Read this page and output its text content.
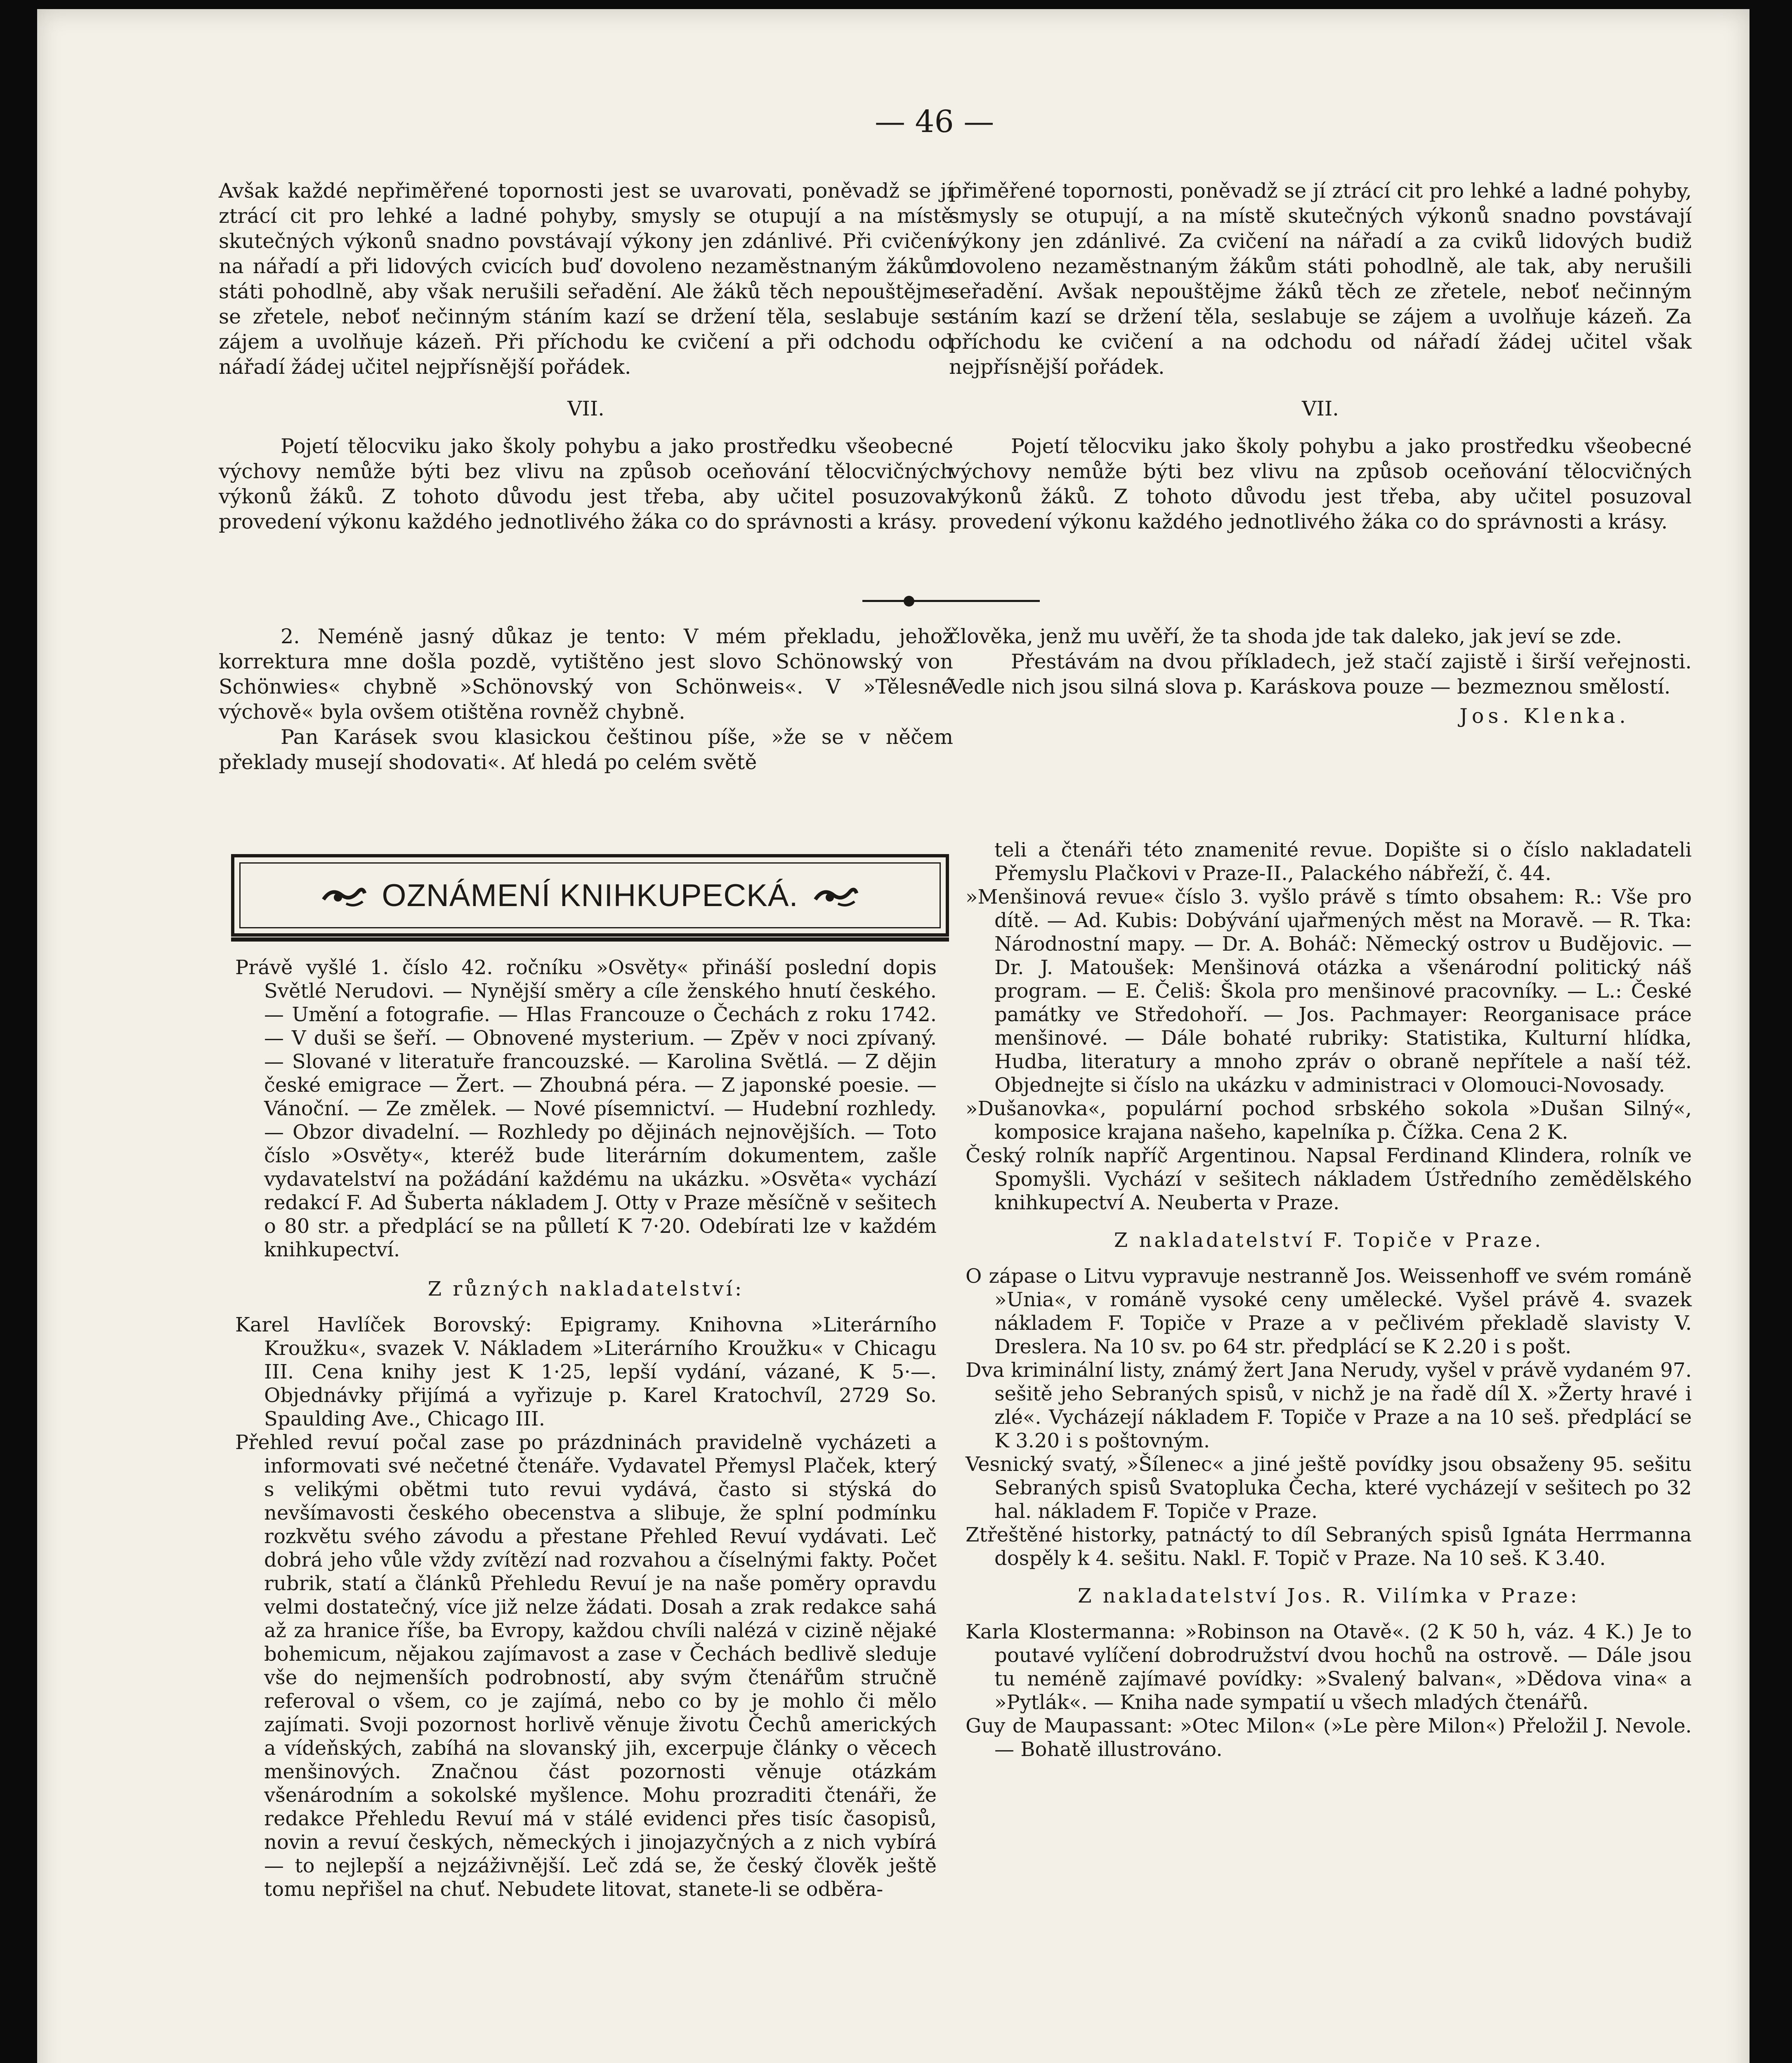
— 46 —

Avšak každé nepřiměřené topornosti jest se uvarovati, poněvadž se jí ztrácí cit pro lehké a ladné pohyby, smysly se otupují a na místě skutečných výkonů snadno povstávají výkony jen zdánlivé. Při cvičení na nářadí a při lidových cvicích buď dovoleno nezaměstnaným žákům státi pohodlně, aby však nerušili seřadění. Ale žáků těch nepouštějme se zřetele, neboť nečinným stáním kazí se držení těla, seslabuje se zájem a uvolňuje kázeň. Při příchodu ke cvičení a při odchodu od nářadí žádej učitel nejpřísnější pořádek.

VII.

Pojetí tělocviku jako školy pohybu a jako prostředku všeobecné výchovy nemůže býti bez vlivu na způsob oceňování tělocvičných výkonů žáků. Z tohoto důvodu jest třeba, aby učitel posuzoval provedení výkonu každého jednotlivého žáka co do správnosti a krásy.

přiměřené topornosti, poněvadž se jí ztrácí cit pro lehké a ladné pohyby, smysly se otupují, a na místě skutečných výkonů snadno povstávají výkony jen zdánlivé. Za cvičení na nářadí a za cviků lidových budiž dovoleno nezaměstnaným žákům státi pohodlně, ale tak, aby nerušili seřadění. Avšak nepouštějme žáků těch ze zřetele, neboť nečinným stáním kazí se držení těla, seslabuje se zájem a uvolňuje kázeň. Za příchodu ke cvičení a na odchodu od nářadí žádej učitel však nejpřísnější pořádek.

VII.

Pojetí tělocviku jako školy pohybu a jako prostředku všeobecné výchovy nemůže býti bez vlivu na způsob oceňování tělocvičných výkonů žáků. Z tohoto důvodu jest třeba, aby učitel posuzoval provedení výkonu každého jednotlivého žáka co do správnosti a krásy.

2. Neméně jasný důkaz je tento: V mém překladu, jehož korrektura mne došla pozdě, vytištěno jest slovo Schönowský von Schönwies« chybně »Schönovský von Schönweis«. V »Tělesné výchově« byla ovšem otištěna rovněž chybně.

Pan Karásek svou klasickou češtinou píše, »že se v něčem překlady musejí shodovati«. Ať hledá po celém světě

člověka, jenž mu uvěří, že ta shoda jde tak daleko, jak jeví se zde.

Přestávám na dvou příkladech, jež stačí zajistě i širší veřejnosti. Vedle nich jsou silná slova p. Karáskova pouze — bezmeznou smělostí.

Jos. Klenka.

OZNÁMENÍ KNIHKUPECKÁ.

Právě vyšlé 1. číslo 42. ročníku »Osvěty« přináší poslední dopis Světlé Nerudovi. — Nynější směry a cíle ženského hnutí českého. — Umění a fotografie. — Hlas Francouze o Čechách z roku 1742. — V duši se šeří. — Obnovené mysterium. — Zpěv v noci zpívaný. — Slované v literatuře francouzské. — Karolina Světlá. — Z dějin české emigrace — Žert. — Zhoubná péra. — Z japonské poesie. — Vánoční. — Ze změlek. — Nové písemnictví. — Hudební rozhledy. — Obzor divadelní. — Rozhledy po dějinách nejnovějších. — Toto číslo »Osvěty«, kteréž bude literárním dokumentem, zašle vydavatelství na požádání každému na ukázku. »Osvěta« vychází redakcí F. Ad Šuberta nákladem J. Otty v Praze měsíčně v sešitech o 80 str. a předplácí se na půlletí K 7·20. Odebírati lze v každém knihkupectví.

Z různých nakladatelství:

Karel Havlíček Borovský: Epigramy. Knihovna »Literárního Kroužku«, svazek V. Nákladem »Literárního Kroužku« v Chicagu III. Cena knihy jest K 1·25, lepší vydání, vázané, K 5·—. Objednávky přijímá a vyřizuje p. Karel Kratochvíl, 2729 So. Spaulding Ave., Chicago III.

Přehled revuí počal zase po prázdninách pravidelně vycházeti a informovati své nečetné čtenáře. Vydavatel Přemysl Plaček, který s velikými obětmi tuto revui vydává, často si stýská do nevšímavosti českého obecenstva a slibuje, že splní podmínku rozkvětu svého závodu a přestane Přehled Revuí vydávati. Leč dobrá jeho vůle vždy zvítězí nad rozvahou a číselnými fakty. Počet rubrik, statí a článků Přehledu Revuí je na naše poměry opravdu velmi dostatečný, více již nelze žádati. Dosah a zrak redakce sahá až za hranice říše, ba Evropy, každou chvíli nalézá v cizině nějaké bohemicum, nějakou zajímavost a zase v Čechách bedlivě sleduje vše do nejmenších podrobností, aby svým čtenářům stručně referoval o všem, co je zajímá, nebo co by je mohlo či mělo zajímati. Svoji pozornost horlivě věnuje životu Čechů amerických a vídeňských, zabíhá na slovanský jih, excerpuje články o věcech menšinových. Značnou část pozornosti věnuje otázkám všenárodním a sokolské myšlence. Mohu prozraditi čtenáři, že redakce Přehledu Revuí má v stálé evidenci přes tisíc časopisů, novin a revuí českých, německých i jinojazyčných a z nich vybírá — to nejlepší a nejzáživnější. Leč zdá se, že český člověk ještě tomu nepřišel na chuť. Nebudete litovat, stanete-li se odběra-

teli a čtenáři této znamenité revue. Dopište si o číslo nakladateli Přemyslu Plačkovi v Praze-II., Palackého nábřeží, č. 44.

»Menšinová revue« číslo 3. vyšlo právě s tímto obsahem: R.: Vše pro dítě. — Ad. Kubis: Dobývání ujařmených měst na Moravě. — R. Tka: Národnostní mapy. — Dr. A. Boháč: Německý ostrov u Budějovic. — Dr. J. Matoušek: Menšinová otázka a všenárodní politický náš program. — E. Čeliš: Škola pro menšinové pracovníky. — L.: České památky ve Středohoří. — Jos. Pachmayer: Reorganisace práce menšinové. — Dále bohaté rubriky: Statistika, Kulturní hlídka, Hudba, literatury a mnoho zpráv o obraně nepřítele a naší též. Objednejte si číslo na ukázku v administraci v Olomouci-Novosady.

»Dušanovka«, populární pochod srbského sokola »Dušan Silný«, komposice krajana našeho, kapelníka p. Čížka. Cena 2 K.

Český rolník napříč Argentinou. Napsal Ferdinand Klindera, rolník ve Spomyšli. Vychází v sešitech nákladem Ústředního zemědělského knihkupectví A. Neuberta v Praze.

Z nakladatelství F. Topiče v Praze.

O zápase o Litvu vypravuje nestranně Jos. Weissenhoff ve svém románě »Unia«, v románě vysoké ceny umělecké. Vyšel právě 4. svazek nákladem F. Topiče v Praze a v pečlivém překladě slavisty V. Dreslera. Na 10 sv. po 64 str. předplácí se K 2.20 i s pošt.

Dva kriminální listy, známý žert Jana Nerudy, vyšel v právě vydaném 97. sešitě jeho Sebraných spisů, v nichž je na řadě díl X. »Žerty hravé i zlé«. Vycházejí nákladem F. Topiče v Praze a na 10 seš. předplácí se K 3.20 i s poštovným.

Vesnický svatý, »Šílenec« a jiné ještě povídky jsou obsaženy 95. sešitu Sebraných spisů Svatopluka Čecha, které vycházejí v sešitech po 32 hal. nákladem F. Topiče v Praze.

Ztřeštěné historky, patnáctý to díl Sebraných spisů Ignáta Herrmanna dospěly k 4. sešitu. Nakl. F. Topič v Praze. Na 10 seš. K 3.40.

Z nakladatelství Jos. R. Vilímka v Praze:

Karla Klostermanna: »Robinson na Otavě«. (2 K 50 h, váz. 4 K.) Je to poutavé vylíčení dobrodružství dvou hochů na ostrově. — Dále jsou tu neméně zajímavé povídky: »Svalený balvan«, »Dědova vina« a »Pytlák«. — Kniha nade sympatií u všech mladých čtenářů.

Guy de Maupassant: »Otec Milon« (»Le père Milon«) Přeložil J. Nevole. — Bohatě illustrováno.
